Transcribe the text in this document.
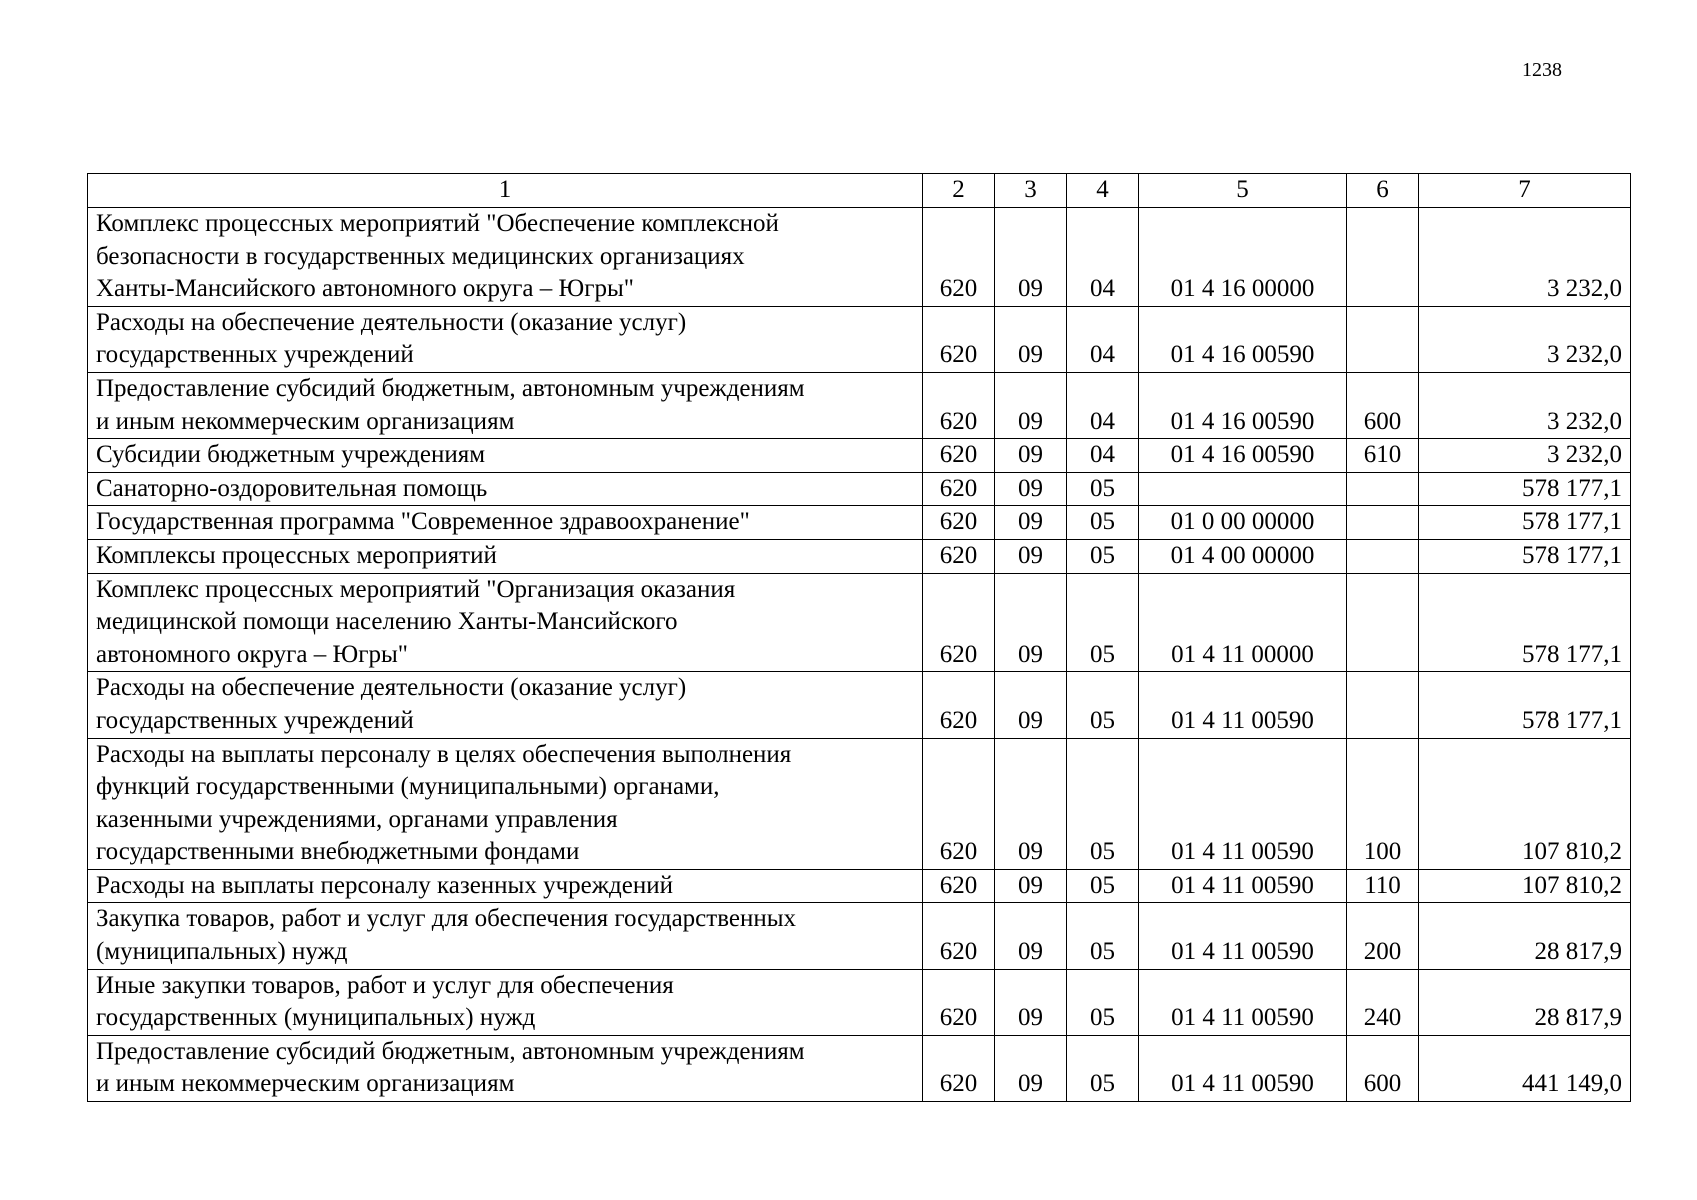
1238
1	2	3	4	5	6	7

Комплекс процессных мероприятий "Обеспечение комплексной
безопасности в государственных медицинских организациях
Ханты-Мансийского автономного округа – Югры"	620	09	04	01 4 16 00000		3 232,0

Расходы на обеспечение деятельности (оказание услуг)
государственных учреждений	620	09	04	01 4 16 00590		3 232,0

Предоставление субсидий бюджетным, автономным учреждениям
и иным некоммерческим организациям	620	09	04	01 4 16 00590	600	3 232,0

Субсидии бюджетным учреждениям	620	09	04	01 4 16 00590	610	3 232,0

Санаторно-оздоровительная помощь	620	09	05			578 177,1

Государственная программа "Современное здравоохранение"	620	09	05	01 0 00 00000		578 177,1

Комплексы процессных мероприятий	620	09	05	01 4 00 00000		578 177,1

Комплекс процессных мероприятий "Организация оказания
медицинской помощи населению Ханты-Мансийского
автономного округа – Югры"	620	09	05	01 4 11 00000		578 177,1

Расходы на обеспечение деятельности (оказание услуг)
государственных учреждений	620	09	05	01 4 11 00590		578 177,1

Расходы на выплаты персоналу в целях обеспечения выполнения
функций государственными (муниципальными) органами,
казенными учреждениями, органами управления
государственными внебюджетными фондами	620	09	05	01 4 11 00590	100	107 810,2

Расходы на выплаты персоналу казенных учреждений	620	09	05	01 4 11 00590	110	107 810,2

Закупка товаров, работ и услуг для обеспечения государственных
(муниципальных) нужд	620	09	05	01 4 11 00590	200	28 817,9

Иные закупки товаров, работ и услуг для обеспечения
государственных (муниципальных) нужд	620	09	05	01 4 11 00590	240	28 817,9

Предоставление субсидий бюджетным, автономным учреждениям
и иным некоммерческим организациям	620	09	05	01 4 11 00590	600	441 149,0
